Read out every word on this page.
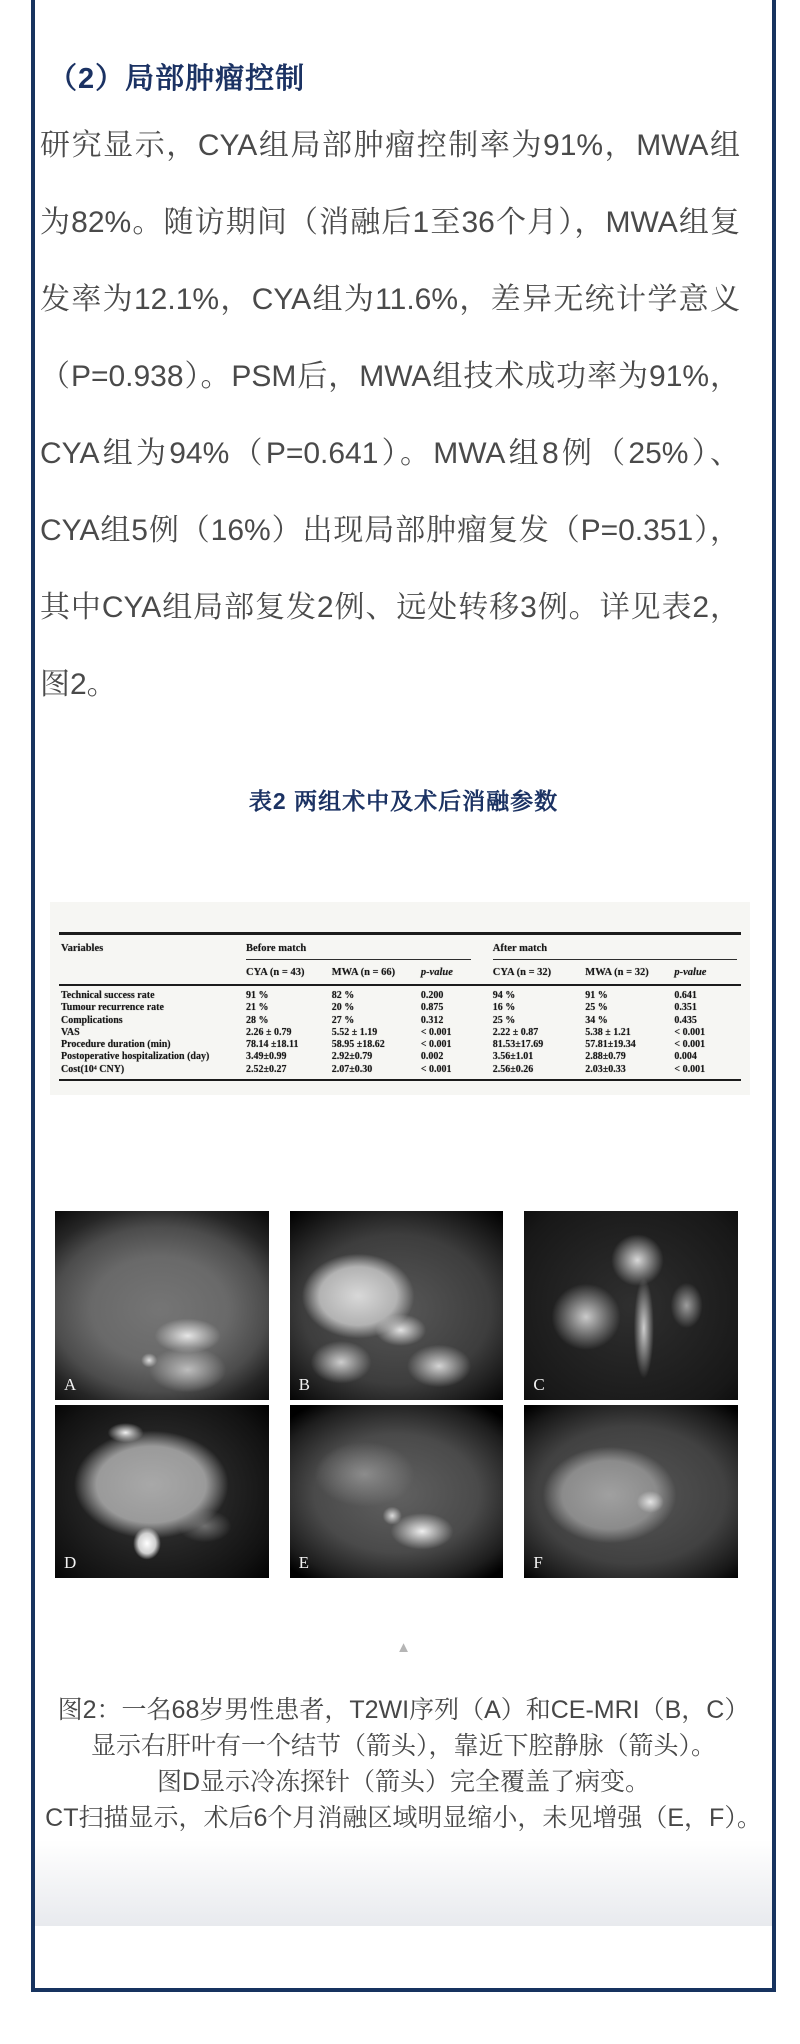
（2）局部肿瘤控制
研究显示，CYA组局部肿瘤控制率为91%，MWA组为82%。随访期间（消融后1至36个月），MWA组复发率为12.1%，CYA组为11.6%，差异无统计学意义（P=0.938）。PSM后，MWA组技术成功率为91%，CYA组为94%（P=0.641）。MWA组8例（25%）、CYA组5例（16%）出现局部肿瘤复发（P=0.351），其中CYA组局部复发2例、远处转移3例。详见表2，图2。
表2 两组术中及术后消融参数
Variables	Before match			After match		

	CYA (n = 43)	MWA (n = 66)	p-value	CYA (n = 32)	MWA (n = 32)	p-value
Technical success rate	91 %	82 %	0.200	94 %	91 %	0.641
Tumour recurrence rate	21 %	20 %	0.875	16 %	25 %	0.351
Complications	28 %	27 %	0.312	25 %	34 %	0.435
VAS	2.26 ± 0.79	5.52 ± 1.19	< 0.001	2.22 ± 0.87	5.38 ± 1.21	< 0.001
Procedure duration (min)	78.14 ±18.11	58.95 ±18.62	< 0.001	81.53±17.69	57.81±19.34	< 0.001
Postoperative hospitalization (day)	3.49±0.99	2.92±0.79	0.002	3.56±1.01	2.88±0.79	0.004
Cost(10⁴ CNY)	2.52±0.27	2.07±0.30	< 0.001	2.56±0.26	2.03±0.33	< 0.001
A	B	C
D	E	F
▲
图2：一名68岁男性患者，T2WI序列（A）和CE-MRI（B，C）
显示右肝叶有一个结节（箭头），靠近下腔静脉（箭头）。
图D显示冷冻探针（箭头）完全覆盖了病变。
CT扫描显示，术后6个月消融区域明显缩小，未见增强（E，F）。
